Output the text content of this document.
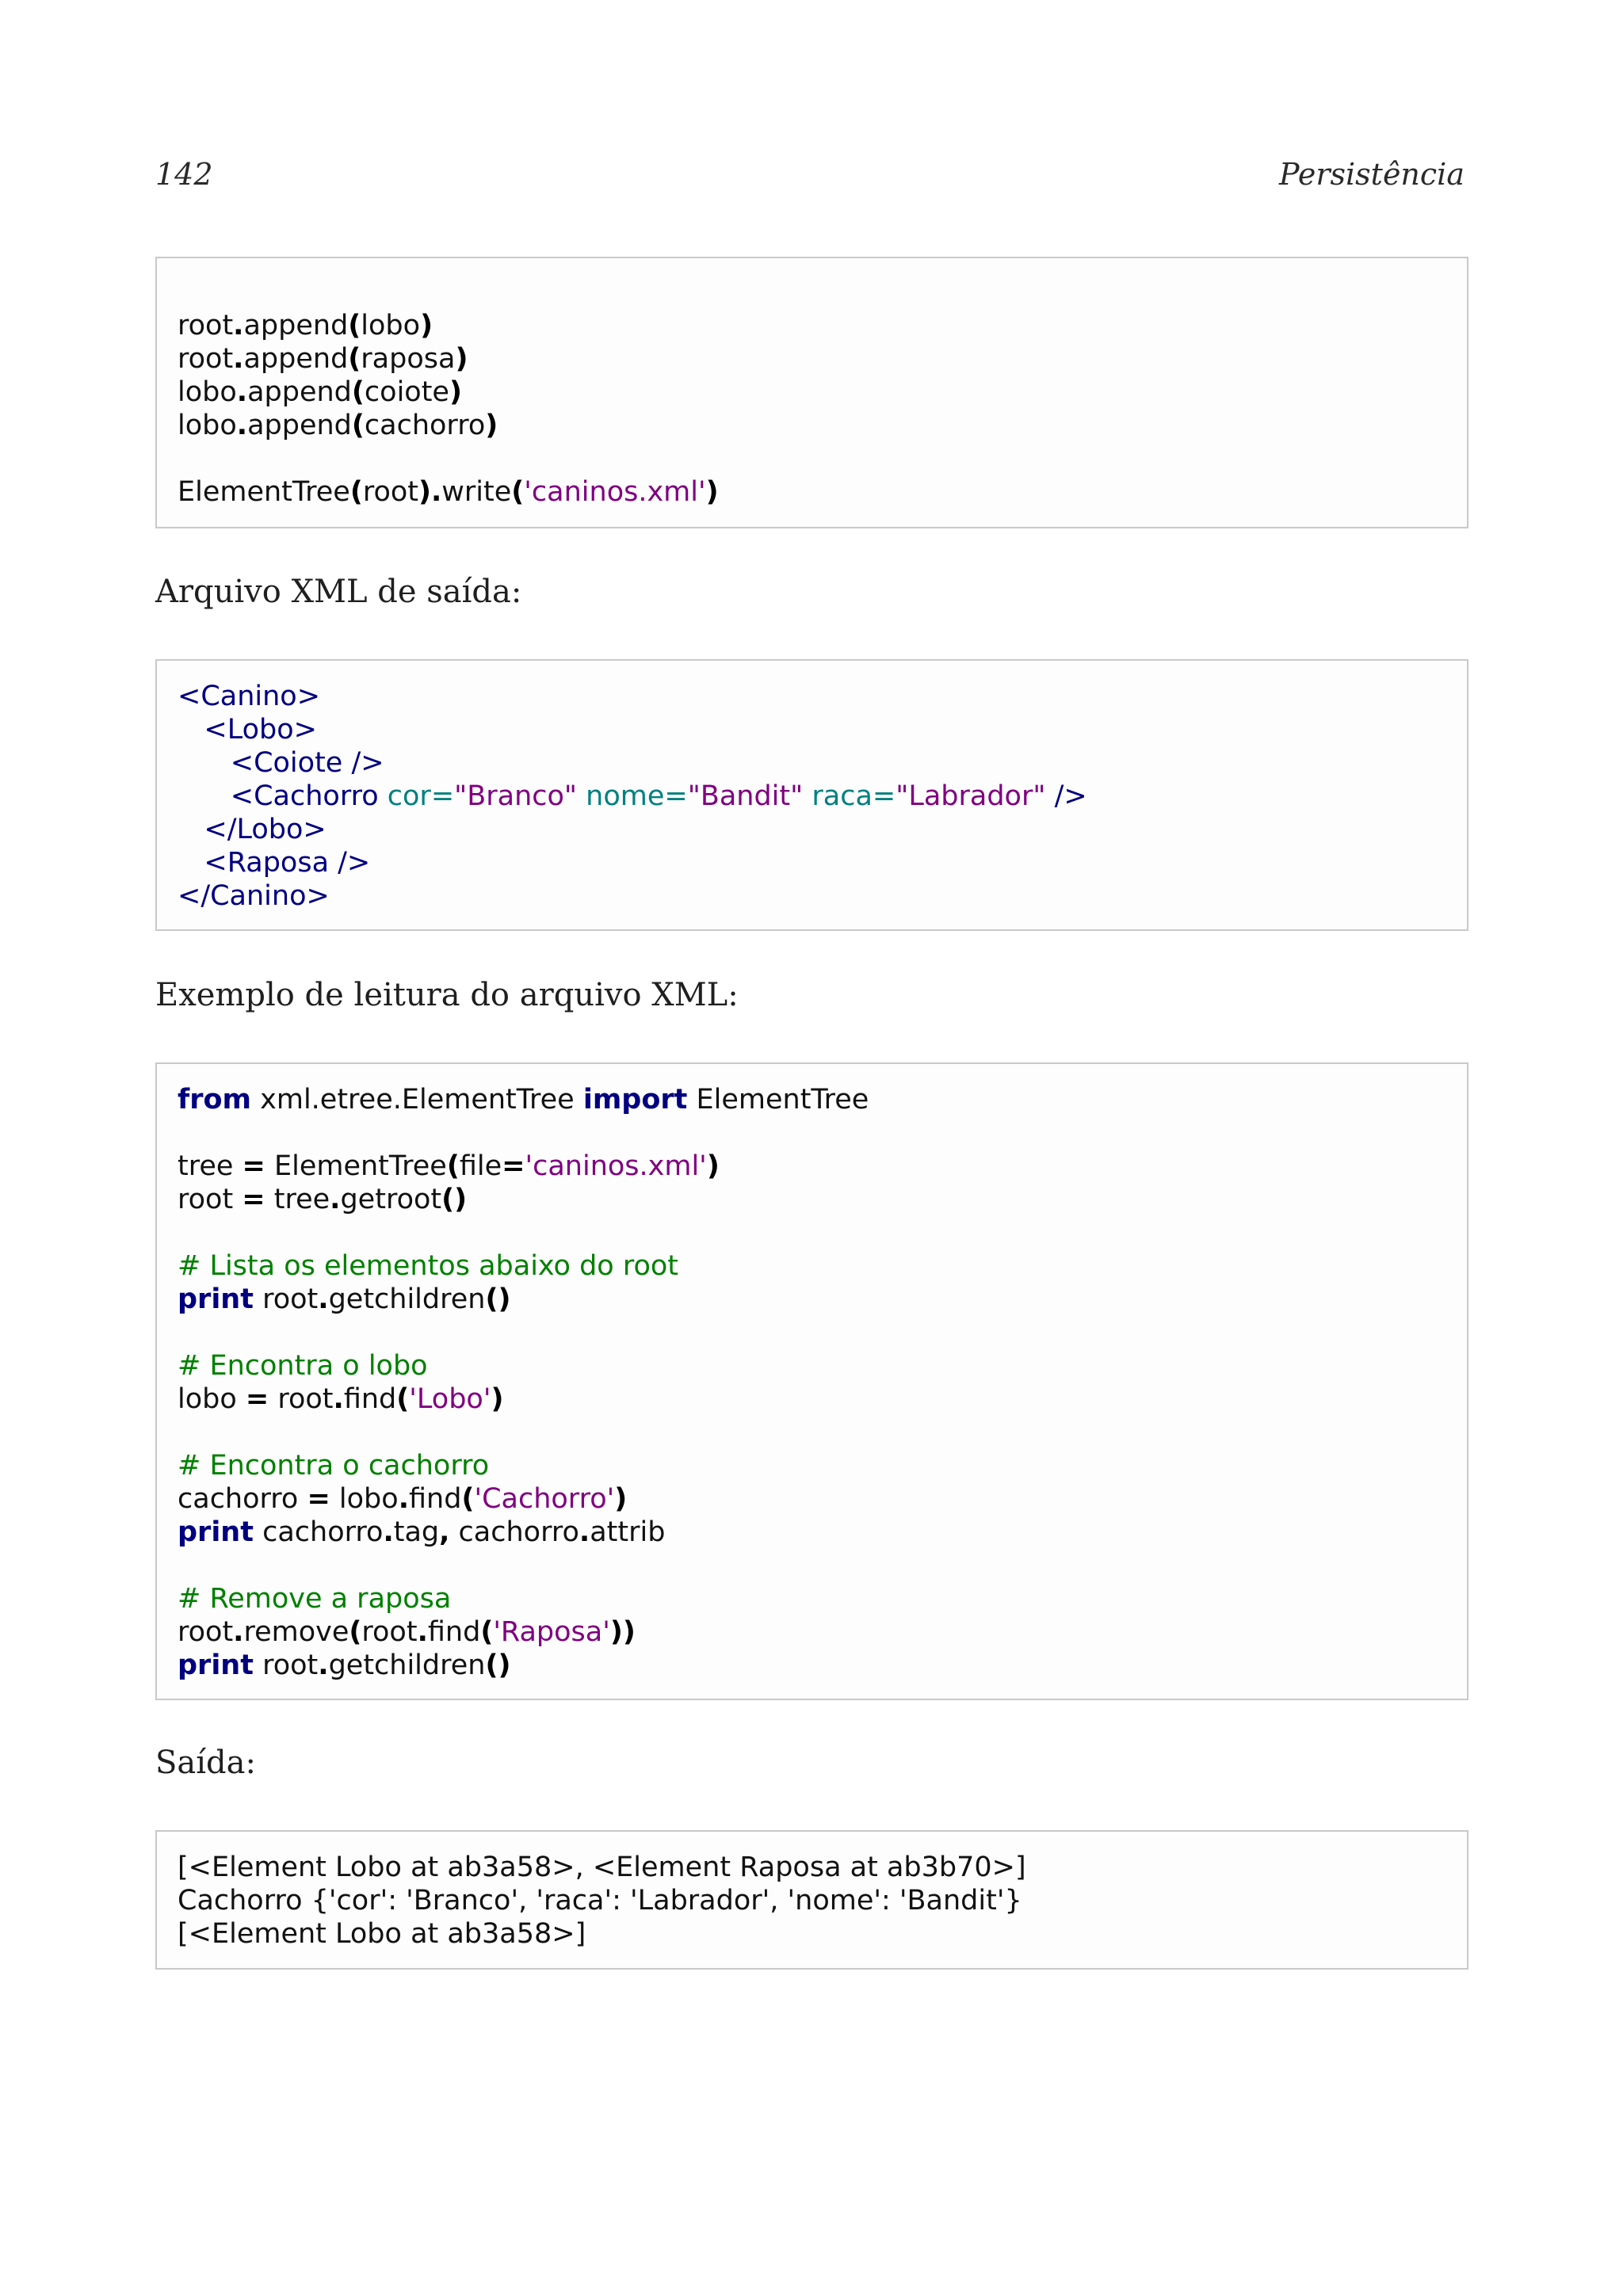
142	Persistência
root.append(lobo)
root.append(raposa)
lobo.append(coiote)
lobo.append(cachorro)
ElementTree(root).write('caninos.xml')
Arquivo XML de saída:
<Canino>
<Lobo>
<Coiote />
<Cachorro cor="Branco" nome="Bandit" raca="Labrador" />
</Lobo>
<Raposa />
</Canino>
Exemplo de leitura do arquivo XML:
from xml.etree.ElementTree import ElementTree
tree = ElementTree(file='caninos.xml')
root = tree.getroot()
# Lista os elementos abaixo do root
print root.getchildren()
# Encontra o lobo
lobo = root.find('Lobo')
# Encontra o cachorro
cachorro = lobo.find('Cachorro')
print cachorro.tag, cachorro.attrib
# Remove a raposa
root.remove(root.find('Raposa'))
print root.getchildren()
Saída:
[<Element Lobo at ab3a58>, <Element Raposa at ab3b70>]
Cachorro {'cor': 'Branco', 'raca': 'Labrador', 'nome': 'Bandit'}
[<Element Lobo at ab3a58>]
